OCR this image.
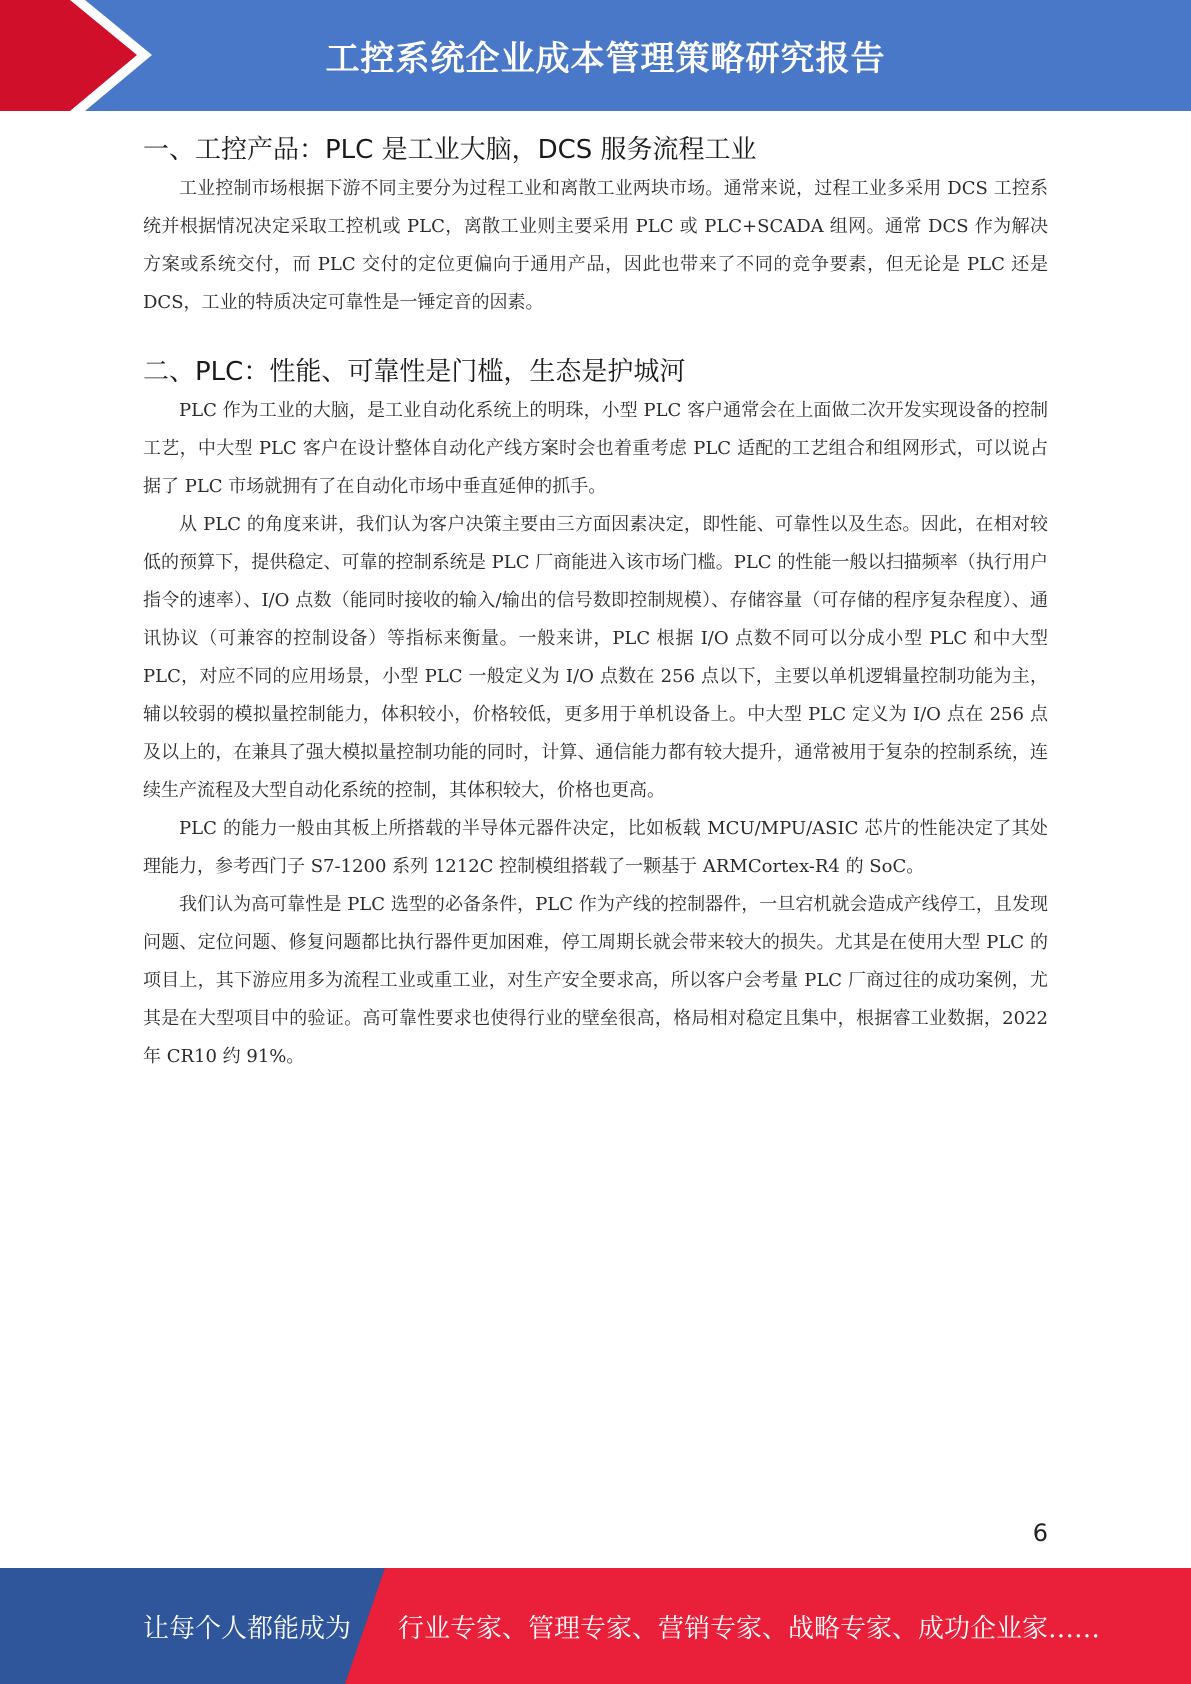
工控系统企业成本管理策略研究报告
一、工控产品：PLC 是工业大脑，DCS 服务流程工业

工业控制市场根据下游不同主要分为过程工业和离散工业两块市场。通常来说，过程工业多采用 DCS 工控系统并根据情况决定采取工控机或 PLC，离散工业则主要采用 PLC 或 PLC+SCADA 组网。通常 DCS 作为解决方案或系统交付，而 PLC 交付的定位更偏向于通用产品，因此也带来了不同的竞争要素，但无论是 PLC 还是 DCS，工业的特质决定可靠性是一锤定音的因素。

二、PLC：性能、可靠性是门槛，生态是护城河

PLC 作为工业的大脑，是工业自动化系统上的明珠，小型 PLC 客户通常会在上面做二次开发实现设备的控制工艺，中大型 PLC 客户在设计整体自动化产线方案时会也着重考虑 PLC 适配的工艺组合和组网形式，可以说占据了 PLC 市场就拥有了在自动化市场中垂直延伸的抓手。

从 PLC 的角度来讲，我们认为客户决策主要由三方面因素决定，即性能、可靠性以及生态。因此，在相对较低的预算下，提供稳定、可靠的控制系统是 PLC 厂商能进入该市场门槛。PLC 的性能一般以扫描频率（执行用户指令的速率）、I/O 点数（能同时接收的输入/输出的信号数即控制规模）、存储容量（可存储的程序复杂程度）、通讯协议（可兼容的控制设备）等指标来衡量。一般来讲，PLC 根据 I/O 点数不同可以分成小型 PLC 和中大型 PLC，对应不同的应用场景，小型 PLC 一般定义为 I/O 点数在 256 点以下，主要以单机逻辑量控制功能为主，辅以较弱的模拟量控制能力，体积较小，价格较低，更多用于单机设备上。中大型 PLC 定义为 I/O 点在 256 点及以上的，在兼具了强大模拟量控制功能的同时，计算、通信能力都有较大提升，通常被用于复杂的控制系统，连续生产流程及大型自动化系统的控制，其体积较大，价格也更高。

PLC 的能力一般由其板上所搭载的半导体元器件决定，比如板载 MCU/MPU/ASIC 芯片的性能决定了其处理能力，参考西门子 S7-1200 系列 1212C 控制模组搭载了一颗基于 ARMCortex-R4 的 SoC。

我们认为高可靠性是 PLC 选型的必备条件，PLC 作为产线的控制器件，一旦宕机就会造成产线停工，且发现问题、定位问题、修复问题都比执行器件更加困难，停工周期长就会带来较大的损失。尤其是在使用大型 PLC 的项目上，其下游应用多为流程工业或重工业，对生产安全要求高，所以客户会考量 PLC 厂商过往的成功案例，尤其是在大型项目中的验证。高可靠性要求也使得行业的壁垒很高，格局相对稳定且集中，根据睿工业数据，2022 年 CR10 约 91%。

6
让每个人都能成为 行业专家、管理专家、营销专家、战略专家、成功企业家……
